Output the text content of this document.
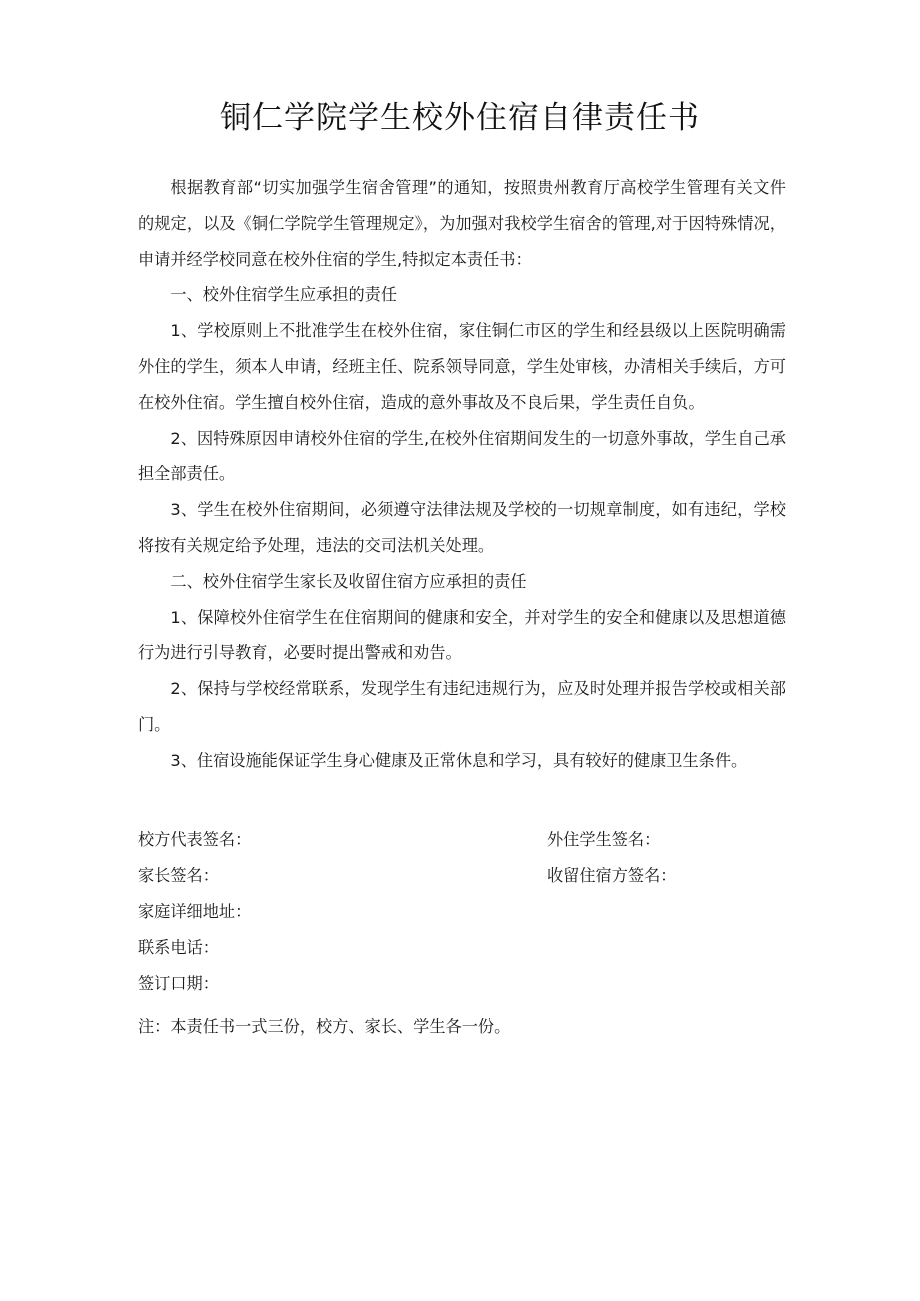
铜仁学院学生校外住宿自律责任书

根据教育部“切实加强学生宿舍管理”的通知，按照贵州教育厅高校学生管理有关文件的规定，以及《铜仁学院学生管理规定》，为加强对我校学生宿舍的管理,对于因特殊情况，申请并经学校同意在校外住宿的学生,特拟定本责任书：

一、校外住宿学生应承担的责任

1、学校原则上不批准学生在校外住宿，家住铜仁市区的学生和经县级以上医院明确需外住的学生，须本人申请，经班主任、院系领导同意，学生处审核，办清相关手续后，方可在校外住宿。学生擅自校外住宿，造成的意外事故及不良后果，学生责任自负。

2、因特殊原因申请校外住宿的学生,在校外住宿期间发生的一切意外事故，学生自己承担全部责任。

3、学生在校外住宿期间，必须遵守法律法规及学校的一切规章制度，如有违纪，学校将按有关规定给予处理，违法的交司法机关处理。

二、校外住宿学生家长及收留住宿方应承担的责任

1、保障校外住宿学生在住宿期间的健康和安全，并对学生的安全和健康以及思想道德行为进行引导教育，必要时提出警戒和劝告。

2、保持与学校经常联系，发现学生有违纪违规行为，应及时处理并报告学校或相关部门。

3、住宿设施能保证学生身心健康及正常休息和学习，具有较好的健康卫生条件。

校方代表签名：	外住学生签名：
家长签名：	收留住宿方签名：
家庭详细地址：
联系电话：
签订口期：
注：本责任书一式三份，校方、家长、学生各一份。
